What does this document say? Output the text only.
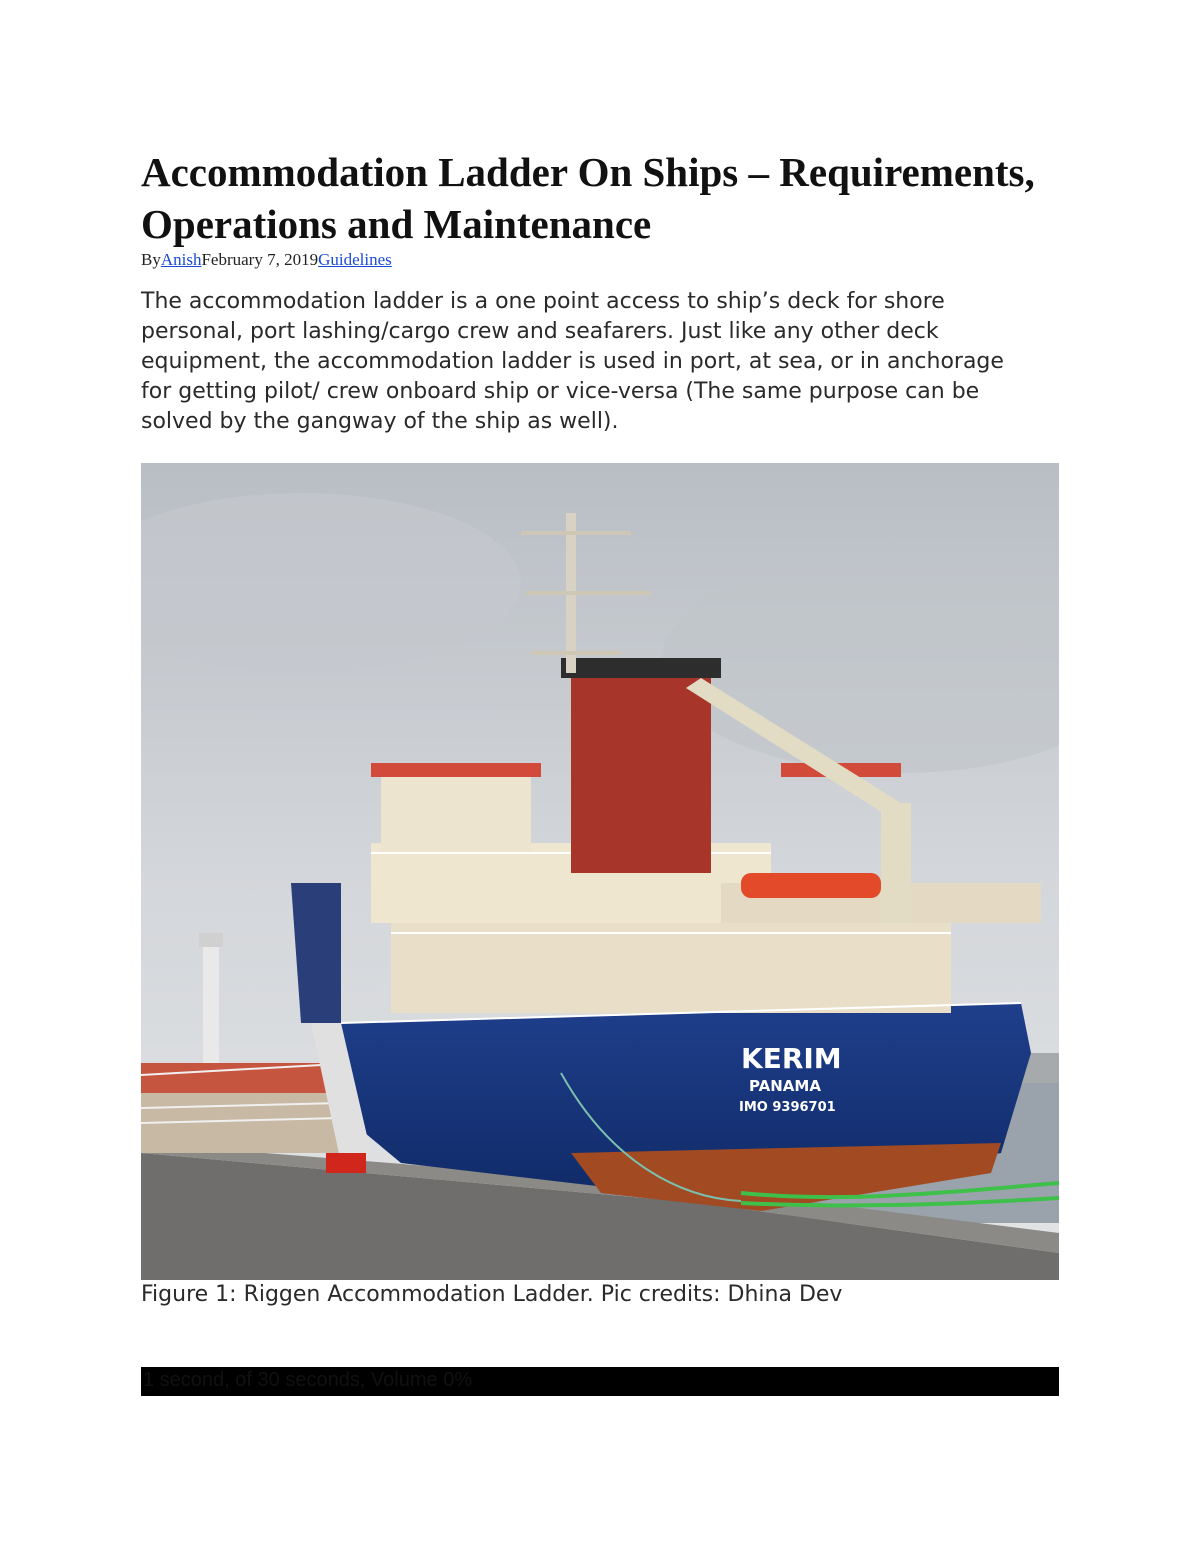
Accommodation Ladder On Ships – Requirements, Operations and Maintenance
ByAnishFebruary 7, 2019Guidelines

The accommodation ladder is a one point access to ship’s deck for shore personal, port lashing/cargo crew and seafarers. Just like any other deck equipment, the accommodation ladder is used in port, at sea, or in anchorage for getting pilot/ crew onboard ship or vice-versa (The same purpose can be solved by the gangway of the ship as well).

KERIM
PANAMA
IMO 9396701
Figure 1: Riggen Accommodation Ladder. Pic credits: Dhina Dev
1 second, of 30 seconds, Volume 0%
